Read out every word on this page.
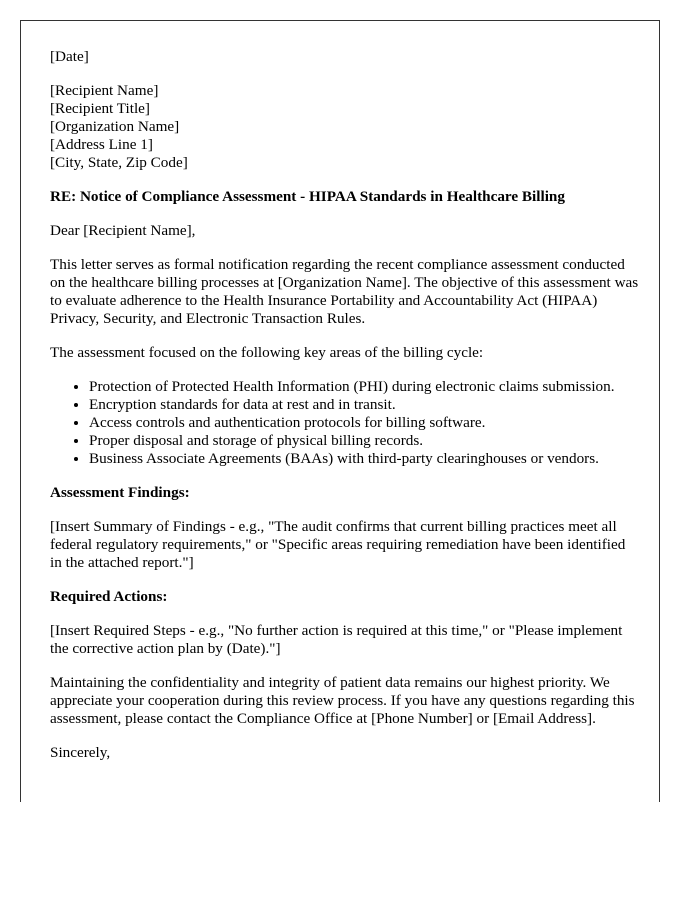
[Date]

[Recipient Name]
[Recipient Title]
[Organization Name]
[Address Line 1]
[City, State, Zip Code]

RE: Notice of Compliance Assessment - HIPAA Standards in Healthcare Billing

Dear [Recipient Name],

This letter serves as formal notification regarding the recent compliance assessment conducted on the healthcare billing processes at [Organization Name]. The objective of this assessment was to evaluate adherence to the Health Insurance Portability and Accountability Act (HIPAA) Privacy, Security, and Electronic Transaction Rules.

The assessment focused on the following key areas of the billing cycle:

• Protection of Protected Health Information (PHI) during electronic claims submission.
• Encryption standards for data at rest and in transit.
• Access controls and authentication protocols for billing software.
• Proper disposal and storage of physical billing records.
• Business Associate Agreements (BAAs) with third-party clearinghouses or vendors.

Assessment Findings:

[Insert Summary of Findings - e.g., "The audit confirms that current billing practices meet all federal regulatory requirements," or "Specific areas requiring remediation have been identified in the attached report."]

Required Actions:

[Insert Required Steps - e.g., "No further action is required at this time," or "Please implement the corrective action plan by (Date)."]

Maintaining the confidentiality and integrity of patient data remains our highest priority. We appreciate your cooperation during this review process. If you have any questions regarding this assessment, please contact the Compliance Office at [Phone Number] or [Email Address].

Sincerely,
